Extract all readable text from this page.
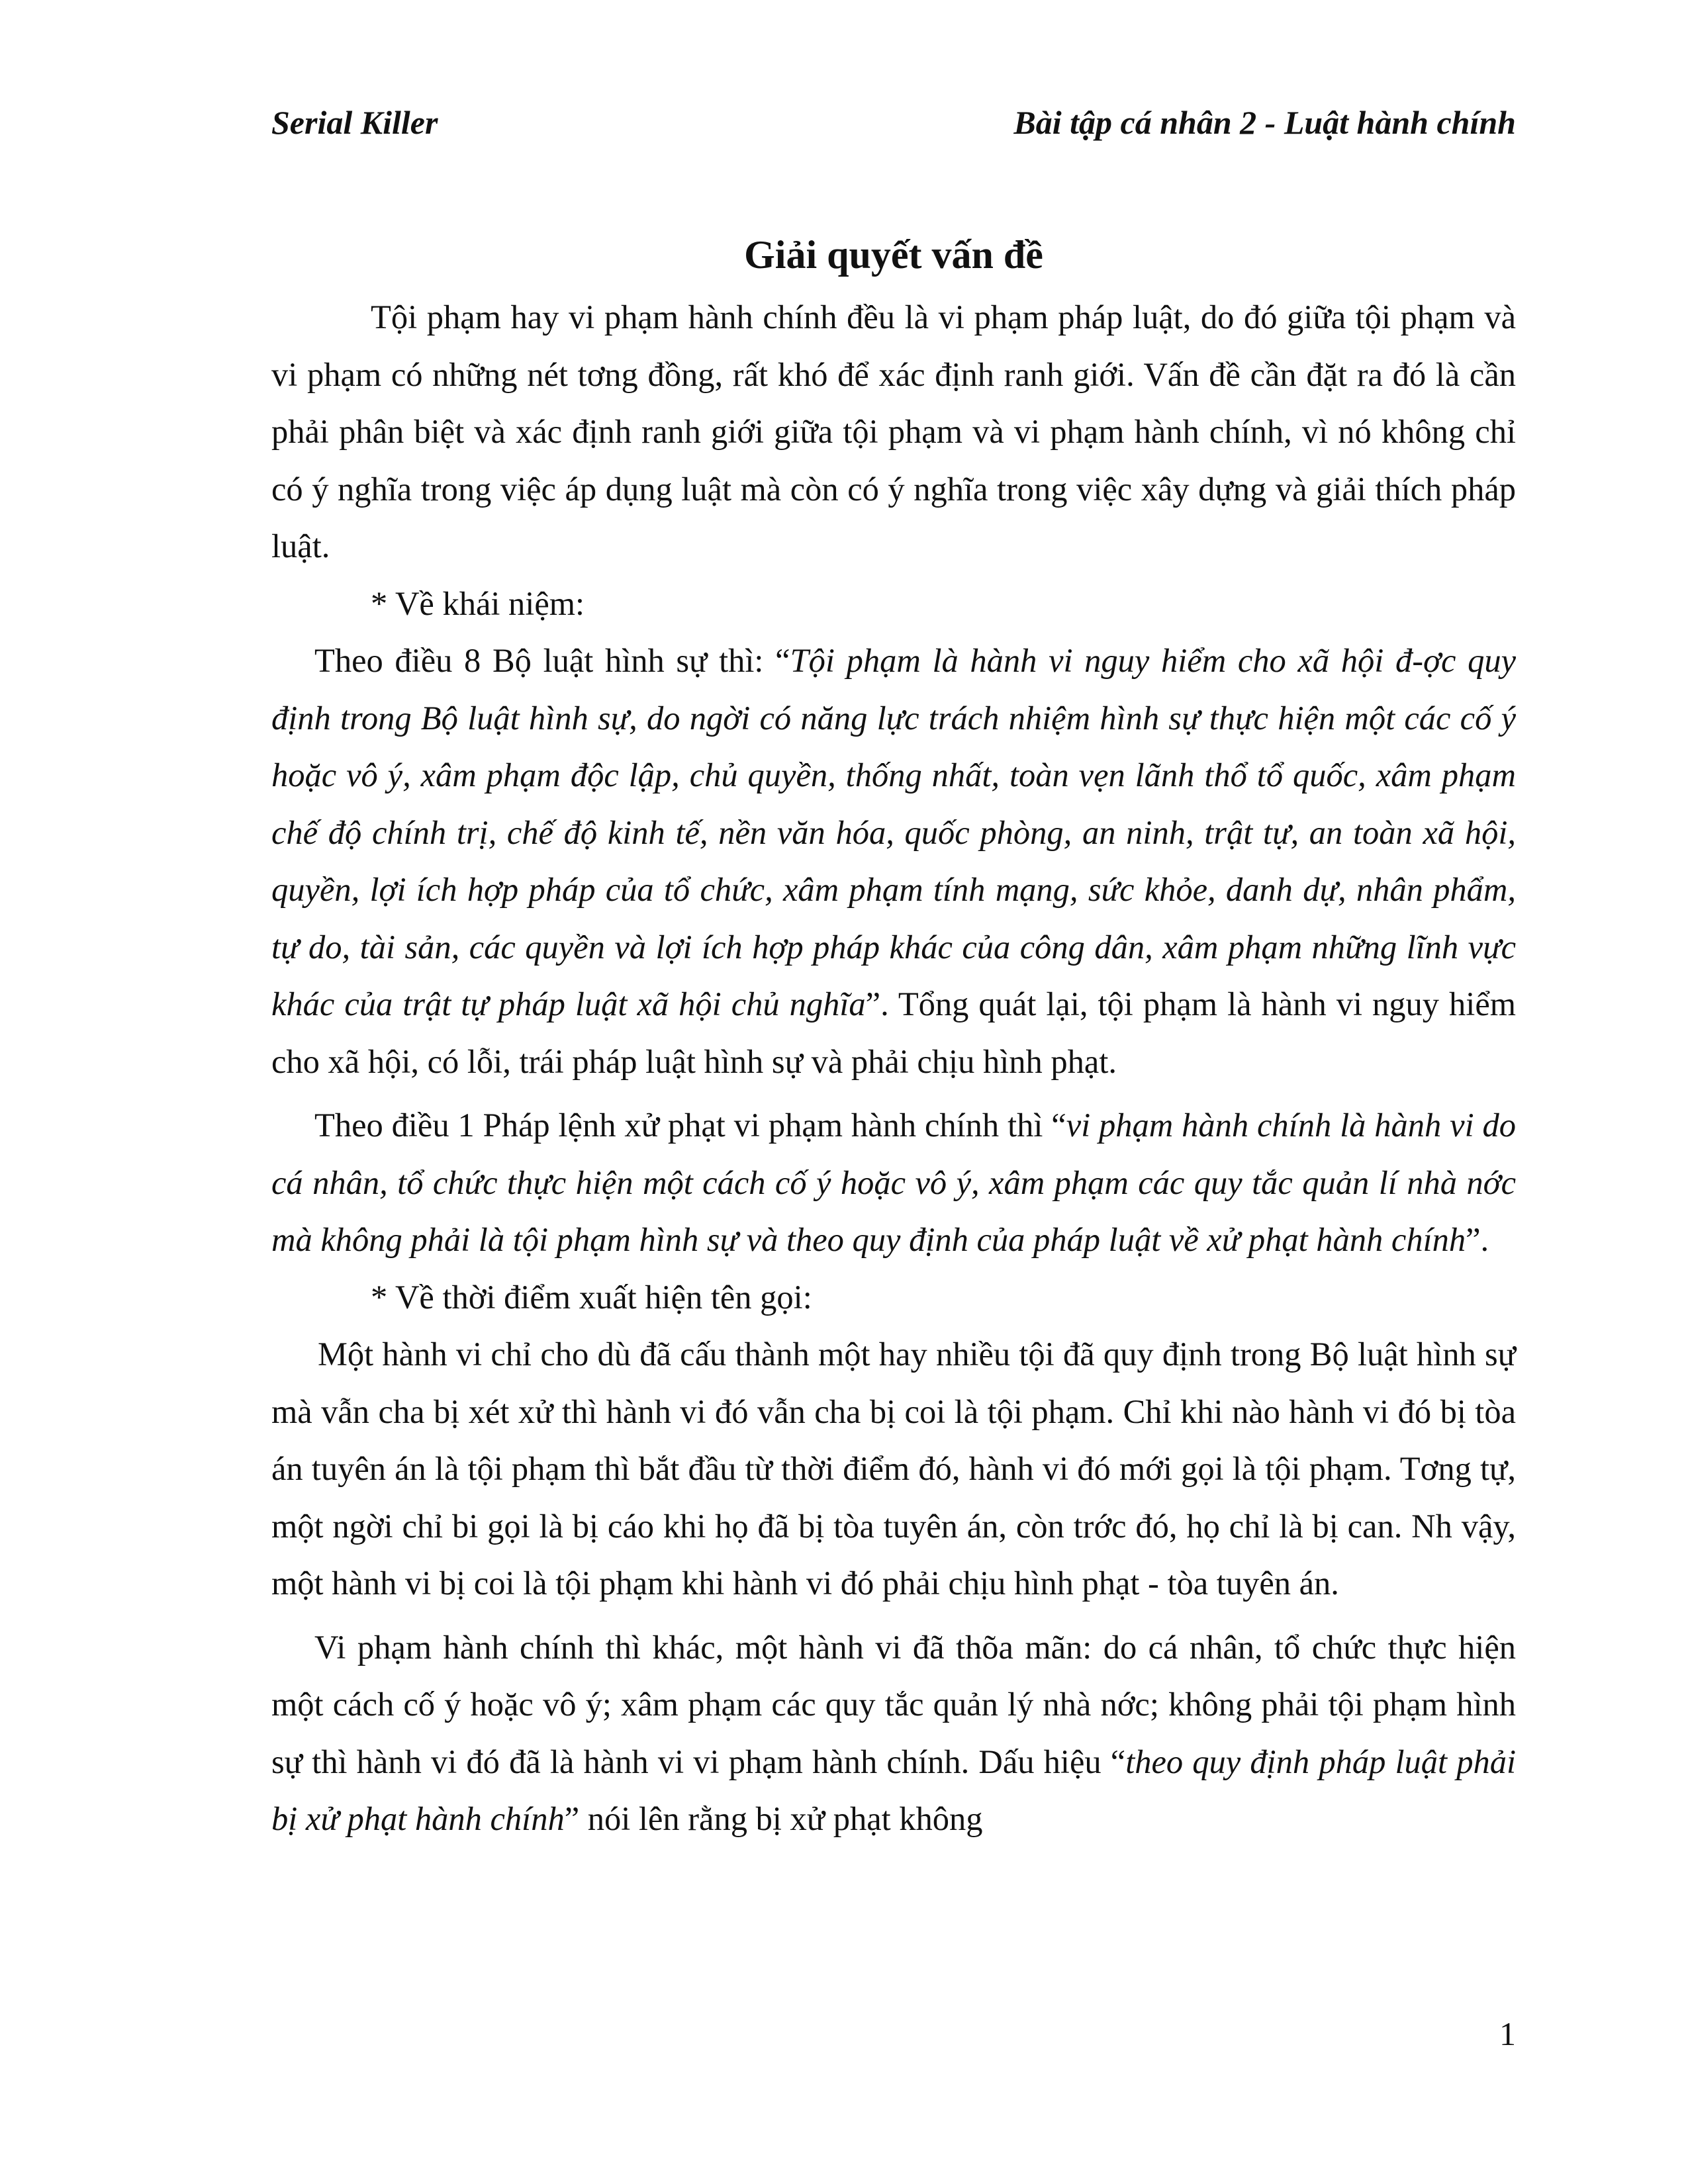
Serial Killer	Bài tập cá nhân 2 - Luật hành chính
Giải quyết vấn đề

Tội phạm hay vi phạm hành chính đều là vi phạm pháp luật, do đó giữa tội phạm và vi phạm có những nét tơng đồng, rất khó để xác định ranh giới. Vấn đề cần đặt ra đó là cần phải phân biệt và xác định ranh giới giữa tội phạm và vi phạm hành chính, vì nó không chỉ có ý nghĩa trong việc áp dụng luật mà còn có ý nghĩa trong việc xây dựng và giải thích pháp luật.

* Về khái niệm:

Theo điều 8 Bộ luật hình sự thì: “Tội phạm là hành vi nguy hiểm cho xã hội đ-ợc quy định trong Bộ luật hình sự, do ngời có năng lực trách nhiệm hình sự thực hiện một các cố ý hoặc vô ý, xâm phạm độc lập, chủ quyền, thống nhất, toàn vẹn lãnh thổ tổ quốc, xâm phạm chế độ chính trị, chế độ kinh tế, nền văn hóa, quốc phòng, an ninh, trật tự, an toàn xã hội, quyền, lợi ích hợp pháp của tổ chức, xâm phạm tính mạng, sức khỏe, danh dự, nhân phẩm, tự do, tài sản, các quyền và lợi ích hợp pháp khác của công dân, xâm phạm những lĩnh vực khác của trật tự pháp luật xã hội chủ nghĩa”. Tổng quát lại, tội phạm là hành vi nguy hiểm cho xã hội, có lỗi, trái pháp luật hình sự và phải chịu hình phạt.

Theo điều 1 Pháp lệnh xử phạt vi phạm hành chính thì “vi phạm hành chính là hành vi do cá nhân, tổ chức thực hiện một cách cố ý hoặc vô ý, xâm phạm các quy tắc quản lí nhà nớc mà không phải là tội phạm hình sự và theo quy định của pháp luật về xử phạt hành chính”.

* Về thời điểm xuất hiện tên gọi:

Một hành vi chỉ cho dù đã cấu thành một hay nhiều tội đã quy định trong Bộ luật hình sự mà vẫn cha bị xét xử thì hành vi đó vẫn cha bị coi là tội phạm. Chỉ khi nào hành vi đó bị tòa án tuyên án là tội phạm thì bắt đầu từ thời điểm đó, hành vi đó mới gọi là tội phạm. Tơng tự, một ngời chỉ bi gọi là bị cáo khi họ đã bị tòa tuyên án, còn trớc đó, họ chỉ là bị can. Nh vậy, một hành vi bị coi là tội phạm khi hành vi đó phải chịu hình phạt - tòa tuyên án.

Vi phạm hành chính thì khác, một hành vi đã thõa mãn: do cá nhân, tổ chức thực hiện một cách cố ý hoặc vô ý; xâm phạm các quy tắc quản lý nhà nớc; không phải tội phạm hình sự thì hành vi đó đã là hành vi vi phạm hành chính. Dấu hiệu “theo quy định pháp luật phải bị xử phạt hành chính” nói lên rằng bị xử phạt không

1
